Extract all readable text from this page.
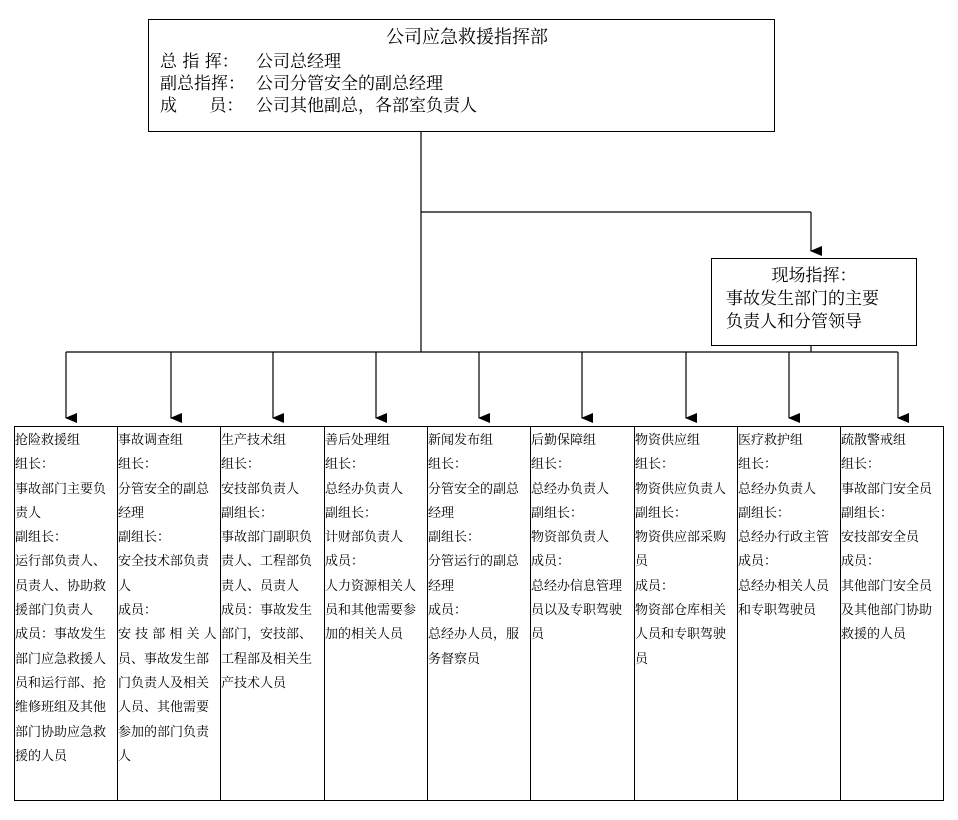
公司应急救援指挥部
总 指 挥： 公司总经理
副总指挥： 公司分管安全的副总经理
成      员： 公司其他副总，各部室负责人
现场指挥：
事故发生部门的主要
负责人和分管领导
抢险救援组
组长：
事故部门主要负
责人
副组长：
运行部负责人、
员责人、协助救
援部门负责人
成员：事故发生
部门应急救援人
员和运行部、抢
维修班组及其他
部门协助应急救
援的人员
事故调查组
组长：
分管安全的副总
经理
副组长：
安全技术部负责
人
成员：
安 技 部 相 关 人
员、事故发生部
门负责人及相关
人员、其他需要
参加的部门负责
人
生产技术组
组长：
安技部负责人
副组长：
事故部门副职负
责人、工程部负
责人、员责人
成员：事故发生
部门，安技部、
工程部及相关生
产技术人员
善后处理组
组长：
总经办负责人
副组长：
计财部负责人
成员：
人力资源相关人
员和其他需要参
加的相关人员
新闻发布组
组长：
分管安全的副总
经理
副组长：
分管运行的副总
经理
成员：
总经办人员，服
务督察员
后勤保障组
组长：
总经办负责人
副组长：
物资部负责人
成员：
总经办信息管理
员以及专职驾驶
员
物资供应组
组长：
物资供应负责人
副组长：
物资供应部采购
员
成员：
物资部仓库相关
人员和专职驾驶
员
医疗救护组
组长：
总经办负责人
副组长：
总经办行政主管
成员：
总经办相关人员
和专职驾驶员
疏散警戒组
组长：
事故部门安全员
副组长：
安技部安全员
成员：
其他部门安全员
及其他部门协助
救援的人员
